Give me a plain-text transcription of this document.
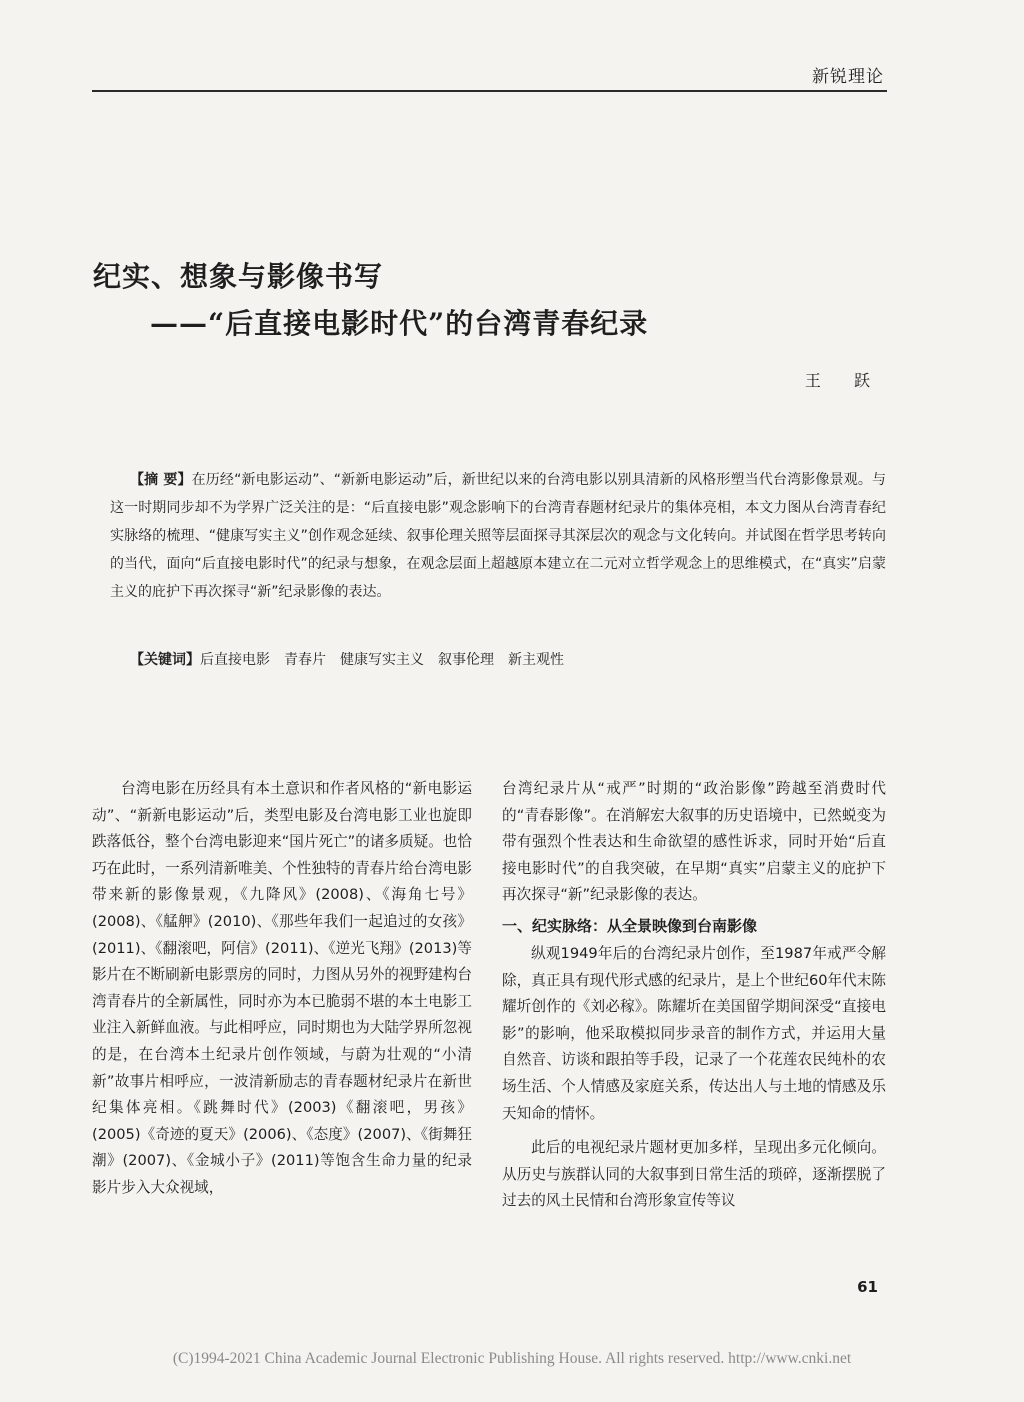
新锐理论
纪实、想象与影像书写
——“后直接电影时代”的台湾青春纪录
王 跃

【摘 要】在历经“新电影运动”、“新新电影运动”后，新世纪以来的台湾电影以别具清新的风格形塑当代台湾影像景观。与这一时期同步却不为学界广泛关注的是：“后直接电影”观念影响下的台湾青春题材纪录片的集体亮相，本文力图从台湾青春纪实脉络的梳理、“健康写实主义”创作观念延续、叙事伦理关照等层面探寻其深层次的观念与文化转向。并试图在哲学思考转向的当代，面向“后直接电影时代”的纪录与想象，在观念层面上超越原本建立在二元对立哲学观念上的思维模式，在“真实”启蒙主义的庇护下再次探寻“新”纪录影像的表达。

【关键词】后直接电影　青春片　健康写实主义　叙事伦理　新主观性

台湾电影在历经具有本土意识和作者风格的“新电影运动”、“新新电影运动”后，类型电影及台湾电影工业也旋即跌落低谷，整个台湾电影迎来“国片死亡”的诸多质疑。也恰巧在此时，一系列清新唯美、个性独特的青春片给台湾电影带来新的影像景观，《九降风》(2008)、《海角七号》(2008)、《艋舺》(2010)、《那些年我们一起追过的女孩》(2011)、《翻滚吧，阿信》(2011)、《逆光飞翔》(2013)等影片在不断刷新电影票房的同时，力图从另外的视野建构台湾青春片的全新属性，同时亦为本已脆弱不堪的本土电影工业注入新鲜血液。与此相呼应，同时期也为大陆学界所忽视的是，在台湾本土纪录片创作领域，与蔚为壮观的“小清新”故事片相呼应，一波清新励志的青春题材纪录片在新世纪集体亮相。《跳舞时代》(2003)《翻滚吧，男孩》(2005)《奇迹的夏天》(2006)、《态度》(2007)、《街舞狂潮》(2007)、《金城小子》(2011)等饱含生命力量的纪录影片步入大众视域，

台湾纪录片从“戒严”时期的“政治影像”跨越至消费时代的“青春影像”。在消解宏大叙事的历史语境中，已然蜕变为带有强烈个性表达和生命欲望的感性诉求，同时开始“后直接电影时代”的自我突破，在早期“真实”启蒙主义的庇护下再次探寻“新”纪录影像的表达。

一、纪实脉络：从全景映像到台南影像

纵观1949年后的台湾纪录片创作，至1987年戒严令解除，真正具有现代形式感的纪录片，是上个世纪60年代末陈耀圻创作的《刘必稼》。陈耀圻在美国留学期间深受“直接电影”的影响，他采取模拟同步录音的制作方式，并运用大量自然音、访谈和跟拍等手段，记录了一个花莲农民纯朴的农场生活、个人情感及家庭关系，传达出人与土地的情感及乐天知命的情怀。

此后的电视纪录片题材更加多样，呈现出多元化倾向。从历史与族群认同的大叙事到日常生活的琐碎，逐渐摆脱了过去的风土民情和台湾形象宣传等议

61
(C)1994-2021 China Academic Journal Electronic Publishing House. All rights reserved. http://www.cnki.net
